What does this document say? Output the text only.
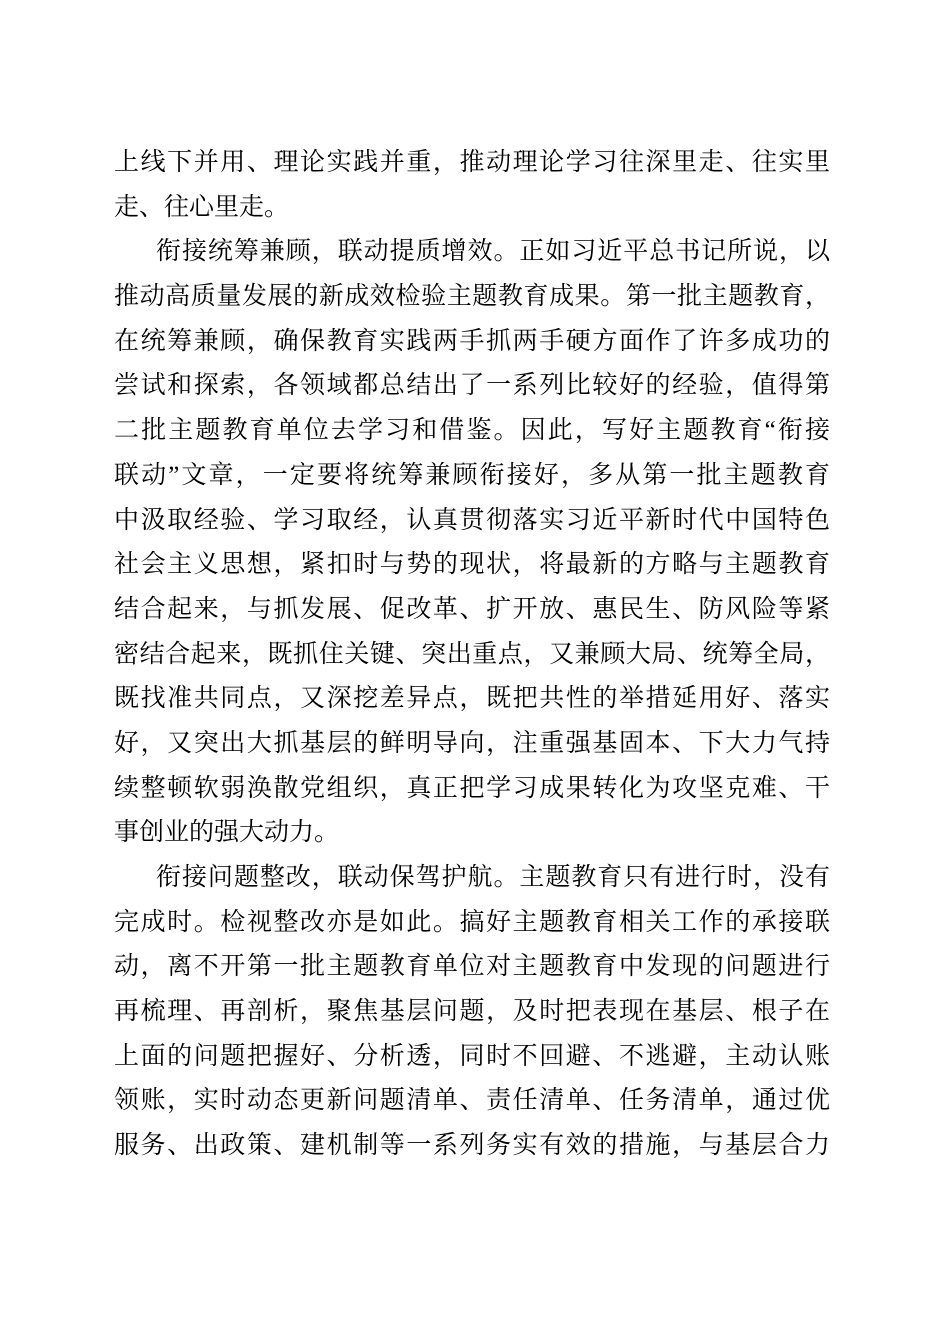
上线下并用、理论实践并重，推动理论学习往深里走、往实里
走、往心里走。
衔接统筹兼顾，联动提质增效。正如习近平总书记所说，以
推动高质量发展的新成效检验主题教育成果。第一批主题教育，
在统筹兼顾，确保教育实践两手抓两手硬方面作了许多成功的
尝试和探索，各领域都总结出了一系列比较好的经验，值得第
二批主题教育单位去学习和借鉴。因此，写好主题教育“衔接
联动”文章，一定要将统筹兼顾衔接好，多从第一批主题教育
中汲取经验、学习取经，认真贯彻落实习近平新时代中国特色
社会主义思想，紧扣时与势的现状，将最新的方略与主题教育
结合起来，与抓发展、促改革、扩开放、惠民生、防风险等紧
密结合起来，既抓住关键、突出重点，又兼顾大局、统筹全局，
既找准共同点，又深挖差异点，既把共性的举措延用好、落实
好，又突出大抓基层的鲜明导向，注重强基固本、下大力气持
续整顿软弱涣散党组织，真正把学习成果转化为攻坚克难、干
事创业的强大动力。
衔接问题整改，联动保驾护航。主题教育只有进行时，没有
完成时。检视整改亦是如此。搞好主题教育相关工作的承接联
动，离不开第一批主题教育单位对主题教育中发现的问题进行
再梳理、再剖析，聚焦基层问题，及时把表现在基层、根子在
上面的问题把握好、分析透，同时不回避、不逃避，主动认账
领账，实时动态更新问题清单、责任清单、任务清单，通过优
服务、出政策、建机制等一系列务实有效的措施，与基层合力
